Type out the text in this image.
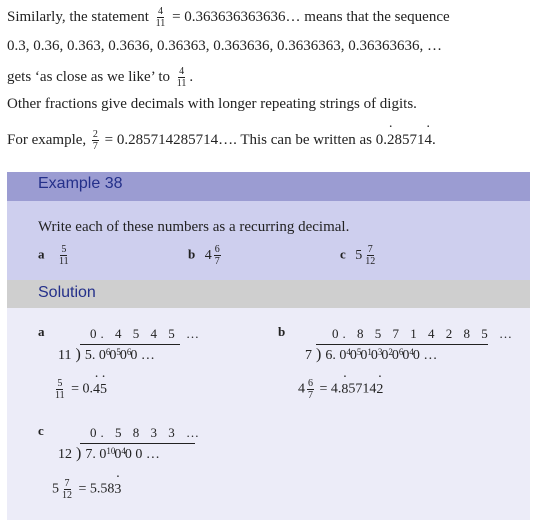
Similarly, the statement $\frac{4}{11}$ = 0.363636363636… means that the sequence
0.3, 0.36, 0.363, 0.3636, 0.36363, 0.363636, 0.3636363, 0.36363636, …
gets ‘as close as we like’ to $\frac{4}{11}$ .
Other fractions give decimals with longer repeating strings of digits.
For example, $\frac{2}{7}$ = 0.285714285714…. This can be written as 0.· 28571· 4.
Example 38
Write each of these numbers as a recurring decimal.
a $\frac{5}{11}$	b $4 \frac{6}{7}$	c $5 \frac{7}{12}$
Solution
a	0. 4 5 4 5 …
11 ) 5. $0^60^50^60$ …
$\frac{5}{11} = 0.\cdot 4\cdot 5$
b	0. 8 5 7 1 4 2 8 5 …
7 ) 6. $0^40^50^10^30^20^60^40$ …
$4 \frac{6}{7} = 4.\cdot 85714\cdot 2$
c	0. 5 8 3 3 …
12 ) 7. $0^{10}0^40$ 0 …
$5 \frac{7}{12} = 5.58\cdot 3$
